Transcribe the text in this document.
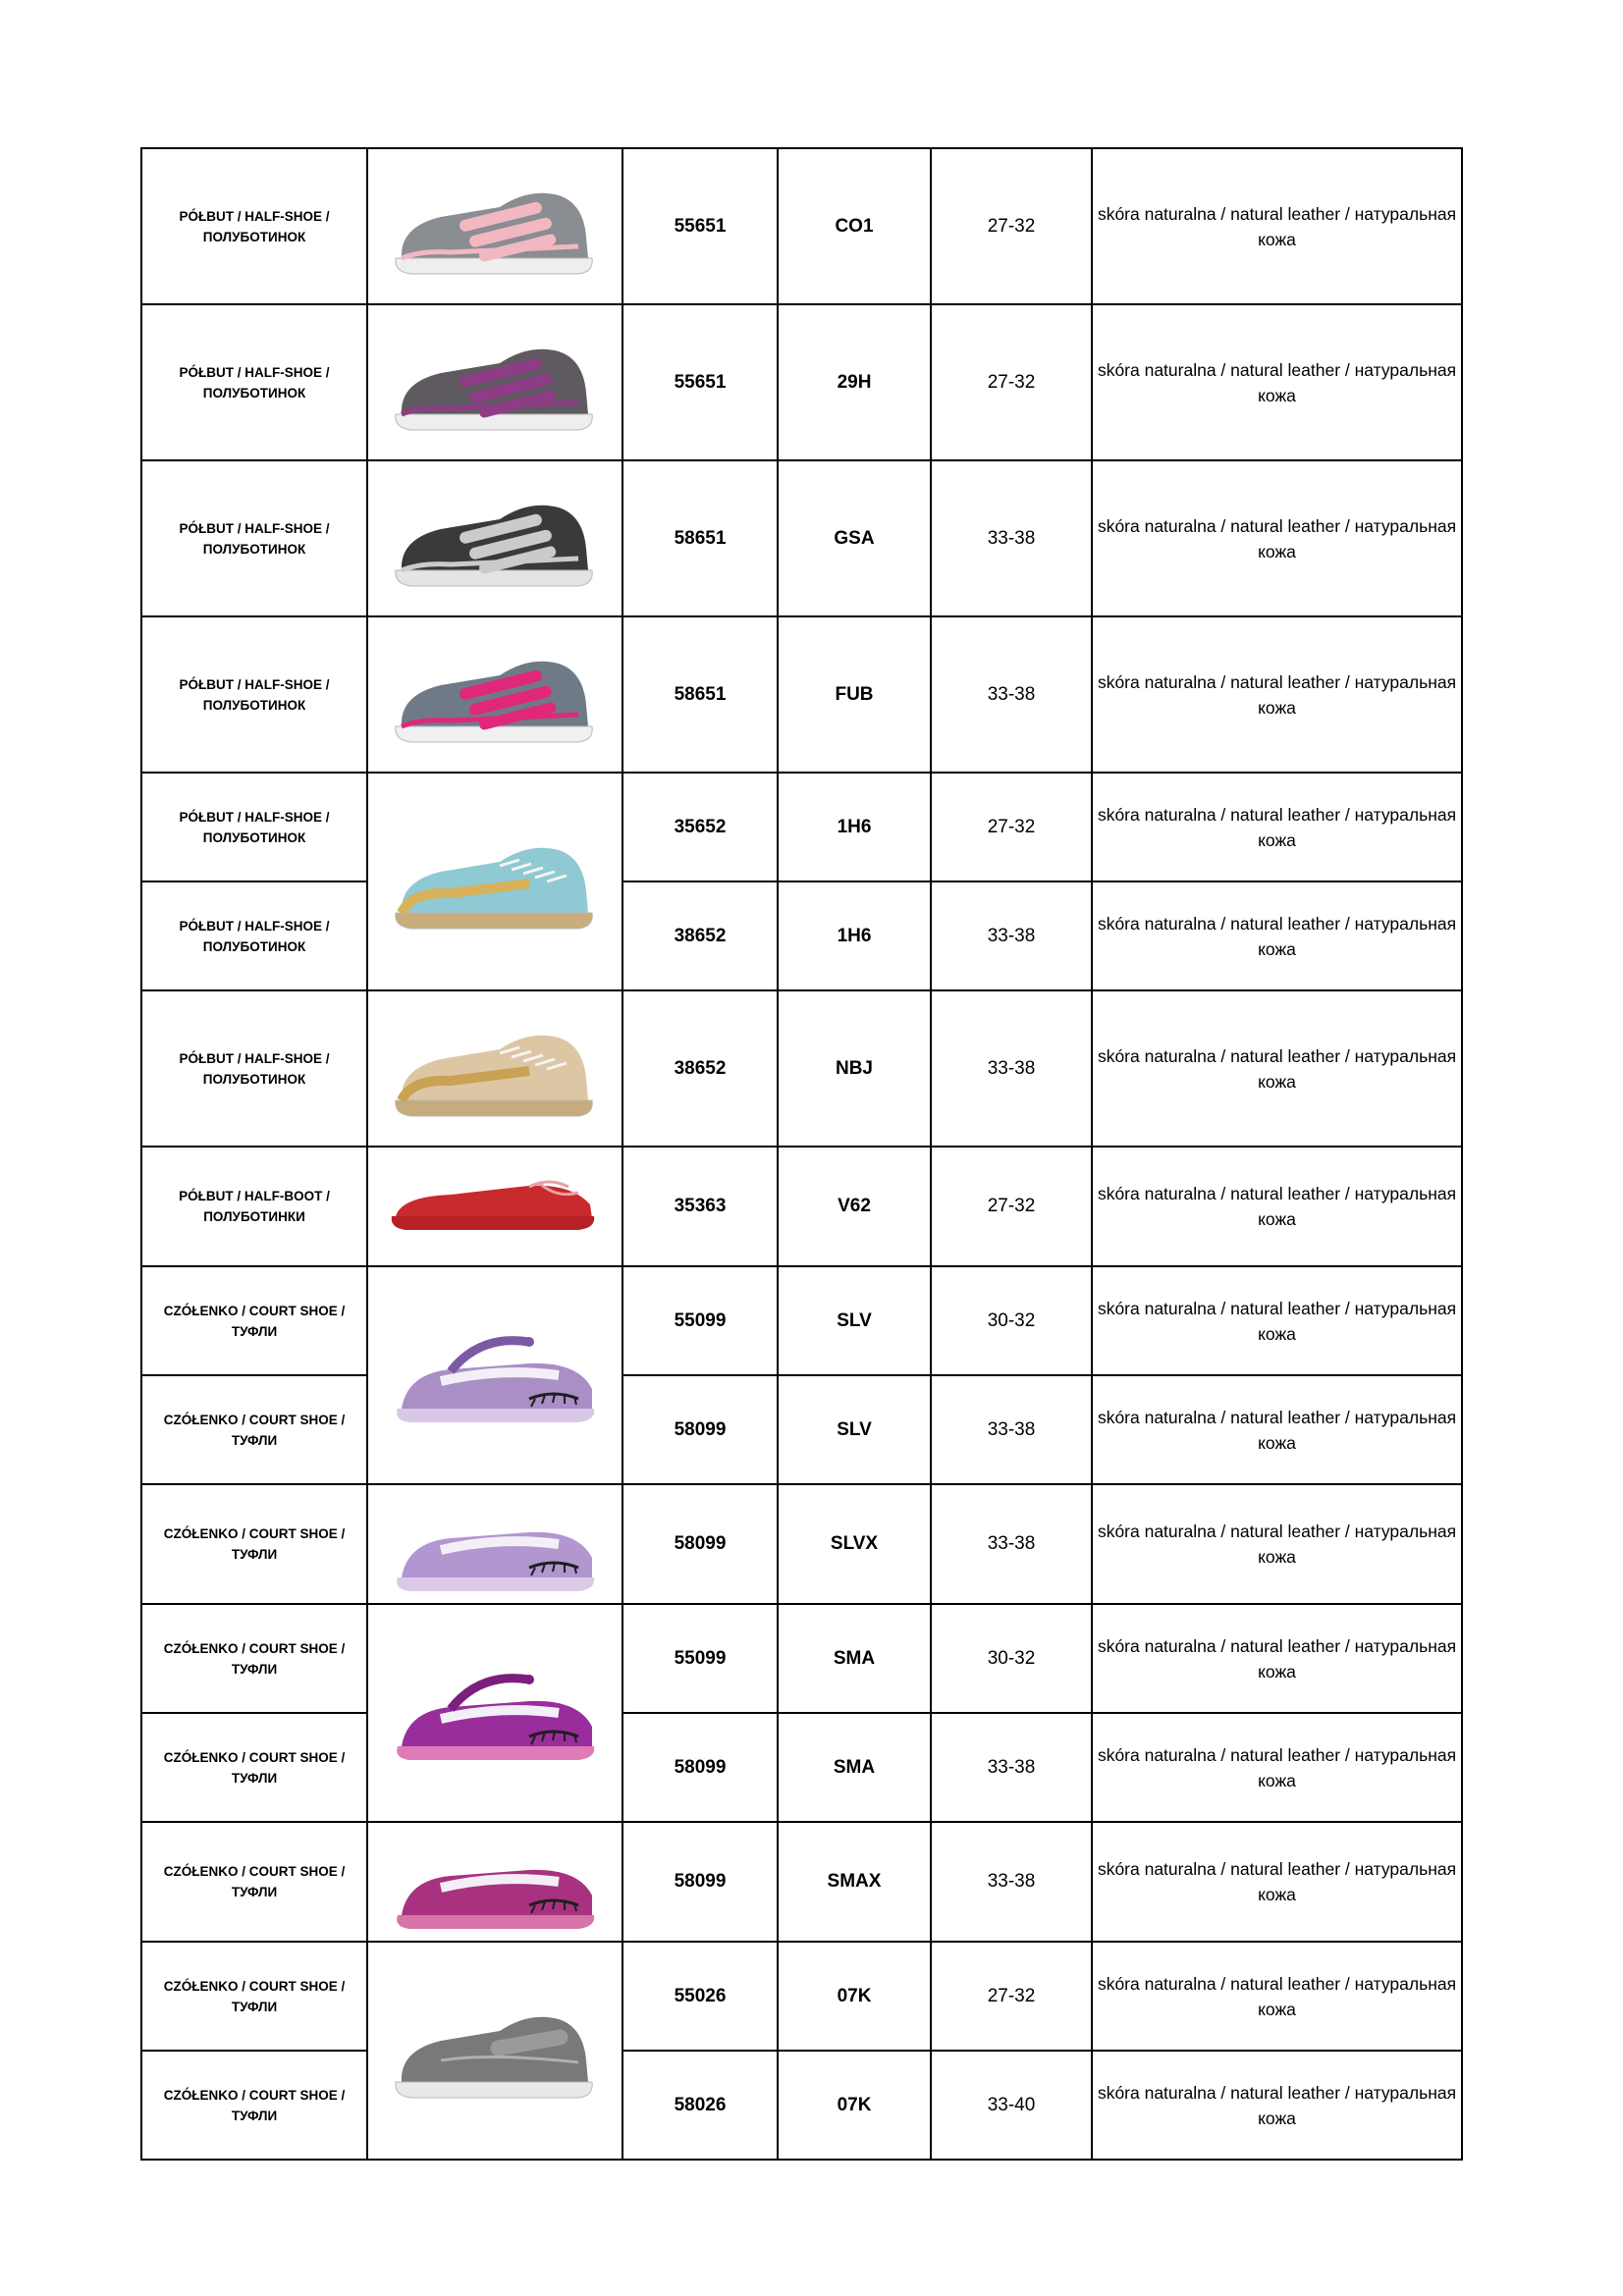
PÓŁBUT / HALF-SHOE / ПОЛУБОТИНОК		55651	CO1	27-32	skóra naturalna / natural leather / натуральная кожа
PÓŁBUT / HALF-SHOE / ПОЛУБОТИНОК		55651	29H	27-32	skóra naturalna / natural leather / натуральная кожа
PÓŁBUT / HALF-SHOE / ПОЛУБОТИНОК		58651	GSA	33-38	skóra naturalna / natural leather / натуральная кожа
PÓŁBUT / HALF-SHOE / ПОЛУБОТИНОК		58651	FUB	33-38	skóra naturalna / natural leather / натуральная кожа
PÓŁBUT / HALF-SHOE / ПОЛУБОТИНОК		35652	1H6	27-32	skóra naturalna / natural leather / натуральная кожа
PÓŁBUT / HALF-SHOE / ПОЛУБОТИНОК		38652	1H6	33-38	skóra naturalna / natural leather / натуральная кожа
PÓŁBUT / HALF-SHOE / ПОЛУБОТИНОК		38652	NBJ	33-38	skóra naturalna / natural leather / натуральная кожа
PÓŁBUT / HALF-BOOT / ПОЛУБОТИНКИ		35363	V62	27-32	skóra naturalna / natural leather / натуральная кожа
CZÓŁENKO / COURT SHOE / ТУФЛИ		55099	SLV	30-32	skóra naturalna / natural leather / натуральная кожа
CZÓŁENKO / COURT SHOE / ТУФЛИ		58099	SLV	33-38	skóra naturalna / natural leather / натуральная кожа
CZÓŁENKO / COURT SHOE / ТУФЛИ		58099	SLVX	33-38	skóra naturalna / natural leather / натуральная кожа
CZÓŁENKO / COURT SHOE / ТУФЛИ		55099	SMA	30-32	skóra naturalna / natural leather / натуральная кожа
CZÓŁENKO / COURT SHOE / ТУФЛИ		58099	SMA	33-38	skóra naturalna / natural leather / натуральная кожа
CZÓŁENKO / COURT SHOE / ТУФЛИ		58099	SMAX	33-38	skóra naturalna / natural leather / натуральная кожа
CZÓŁENKO / COURT SHOE / ТУФЛИ		55026	07K	27-32	skóra naturalna / natural leather / натуральная кожа
CZÓŁENKO / COURT SHOE / ТУФЛИ		58026	07K	33-40	skóra naturalna / natural leather / натуральная кожа
